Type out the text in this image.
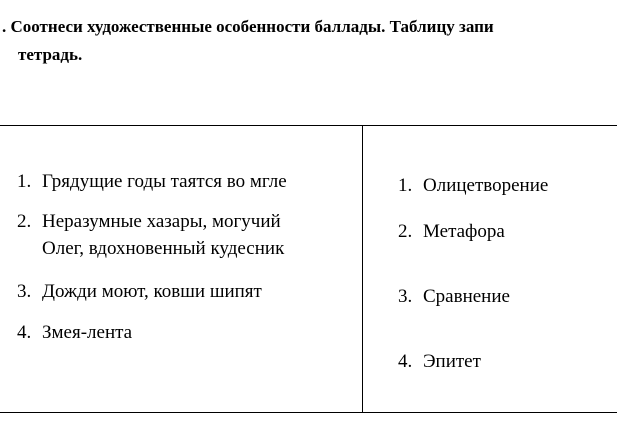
. Соотнеси художественные особенности баллады. Таблицу запи
тетрадь.
1. Грядущие годы таятся во мгле
2. Неразумные хазары, могучий
Олег, вдохновенный кудесник
3. Дожди моют, ковши шипят
4. Змея-лента
1. Олицетворение
2. Метафора
3. Сравнение
4. Эпитет
